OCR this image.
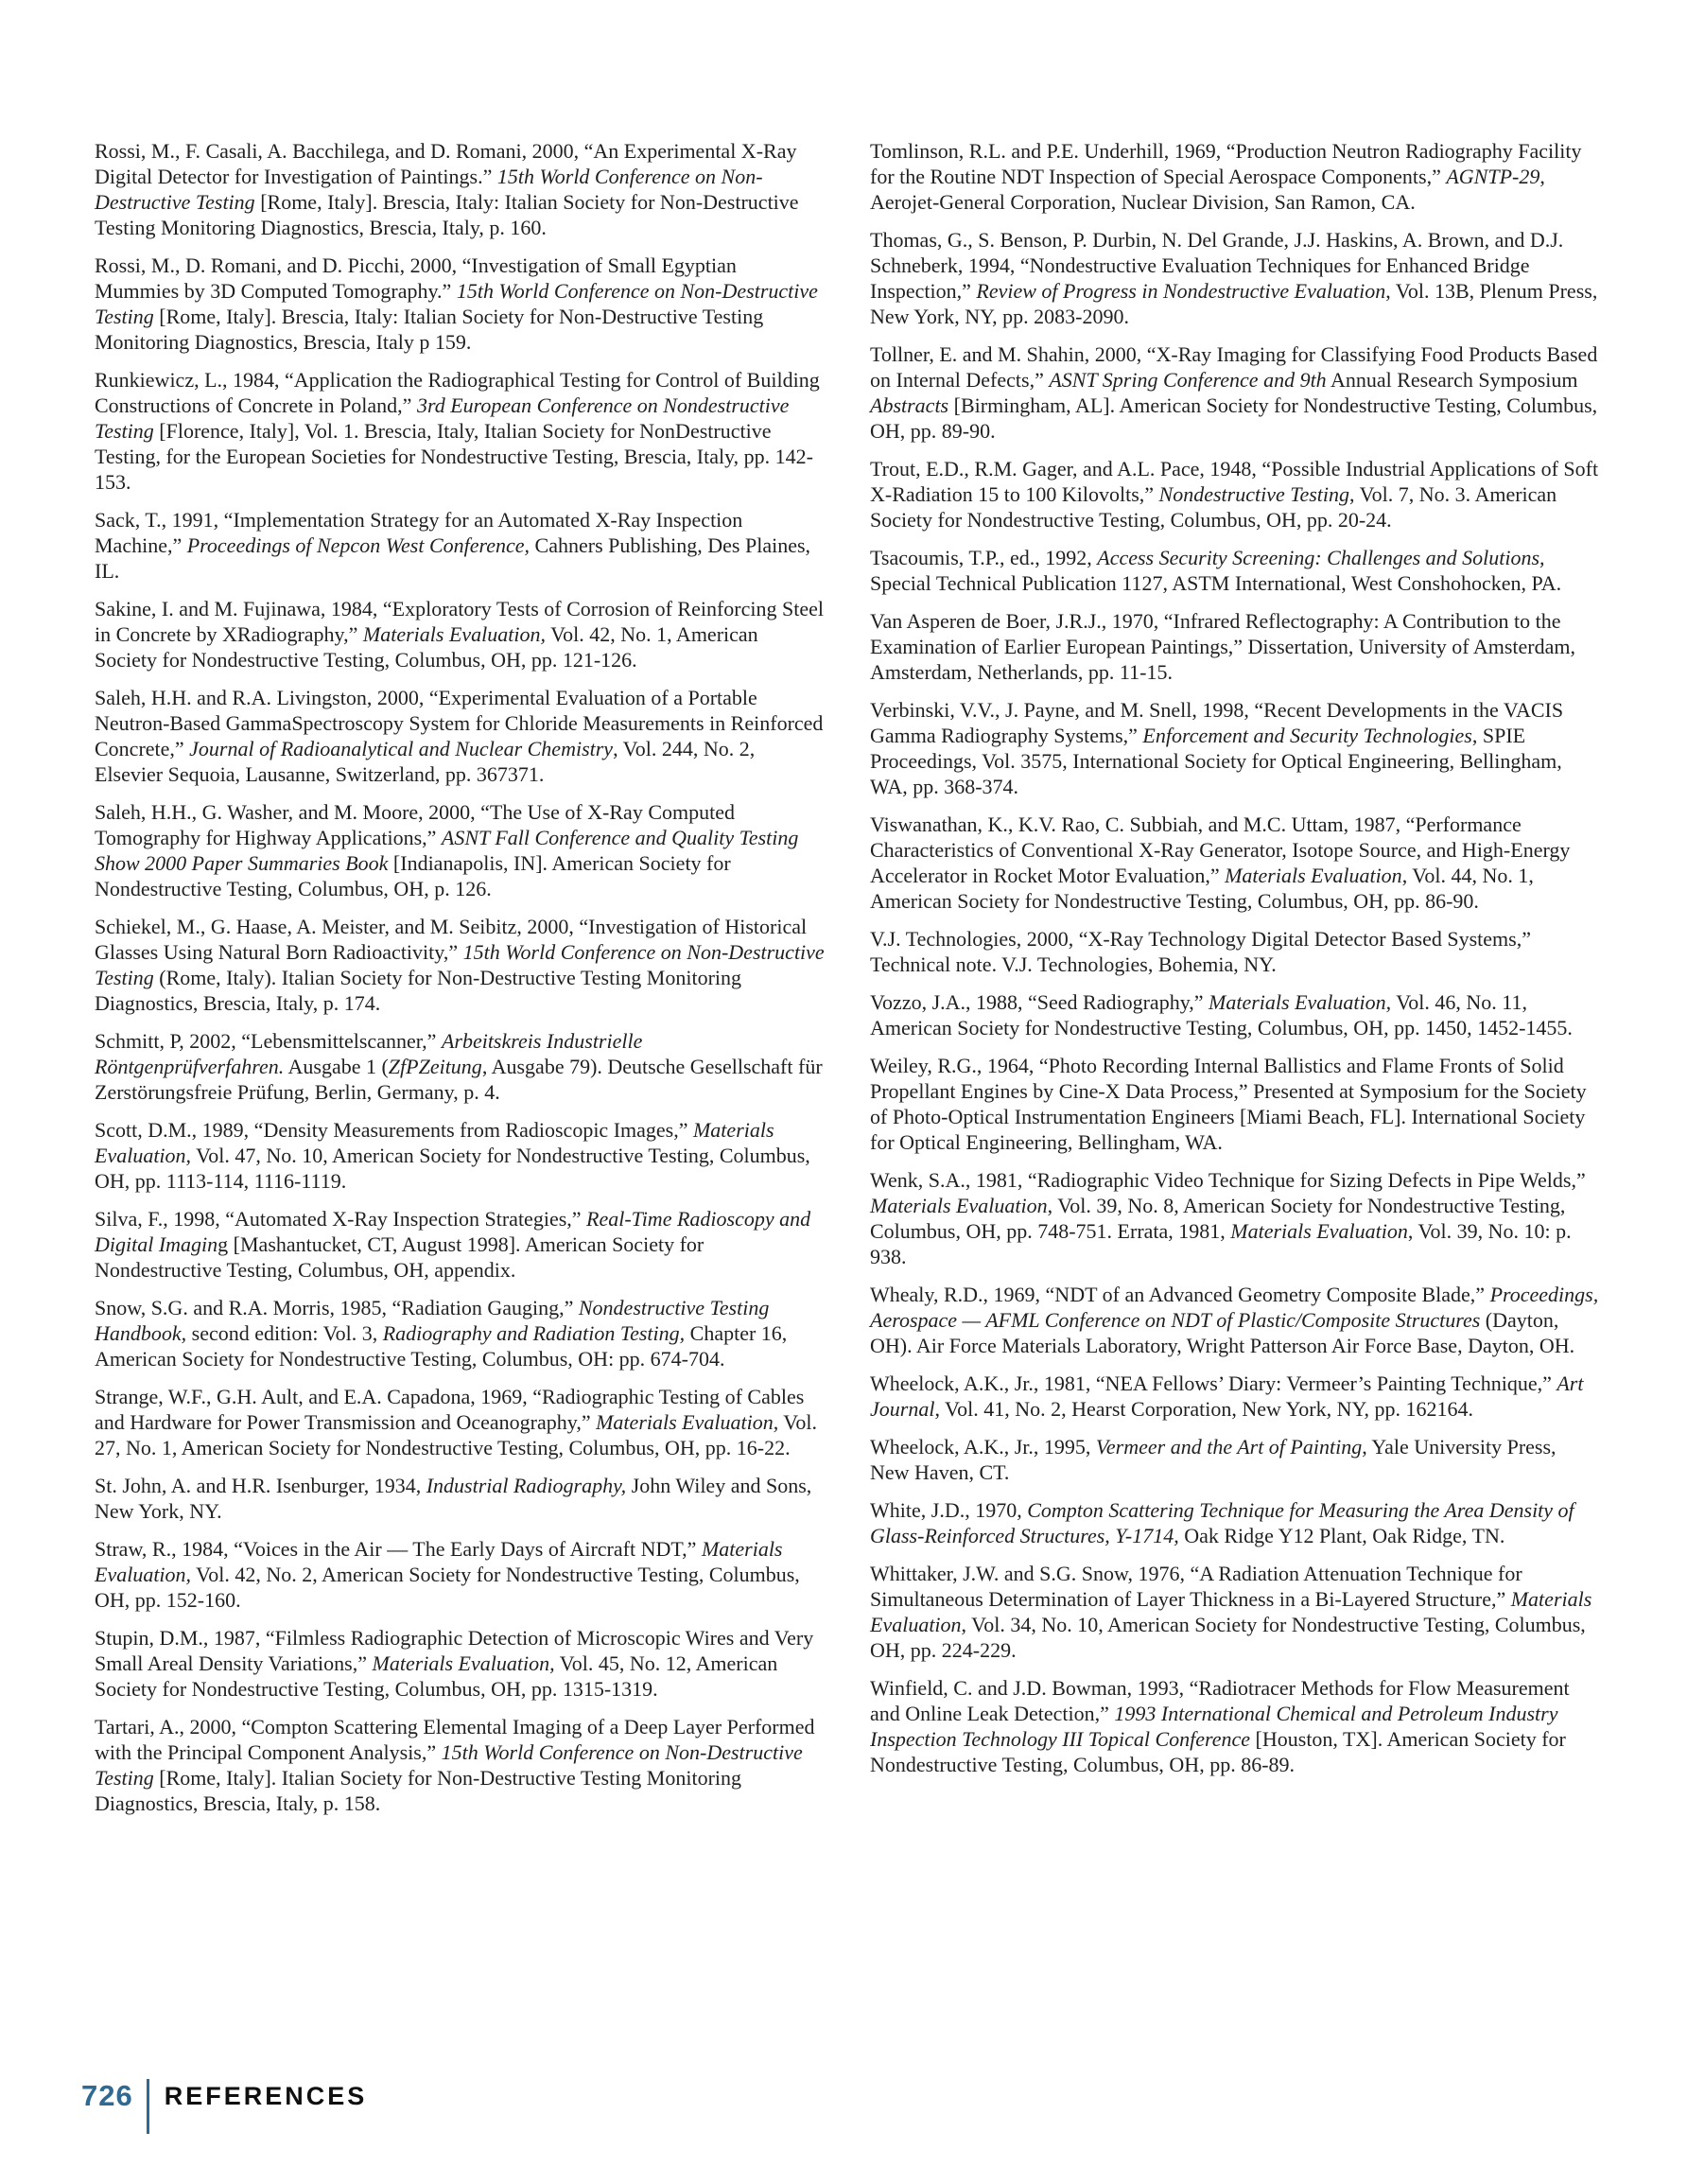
Rossi, M., F. Casali, A. Bacchilega, and D. Romani, 2000, “An Experimental X-Ray Digital Detector for Investigation of Paintings.” 15th World Conference on Non-Destructive Testing [Rome, Italy]. Brescia, Italy: Italian Society for Non-Destructive Testing Monitoring Diagnostics, Brescia, Italy, p. 160.

Rossi, M., D. Romani, and D. Picchi, 2000, “Investigation of Small Egyptian Mummies by 3D Computed Tomography.” 15th World Conference on Non-Destructive Testing [Rome, Italy]. Brescia, Italy: Italian Society for Non-Destructive Testing Monitoring Diagnostics, Brescia, Italy p 159.

Runkiewicz, L., 1984, “Application the Radiographical Testing for Control of Building Constructions of Concrete in Poland,” 3rd European Conference on Nondestructive Testing [Florence, Italy], Vol. 1. Brescia, Italy, Italian Society for NonDestructive Testing, for the European Societies for Nondestructive Testing, Brescia, Italy, pp. 142-153.

Sack, T., 1991, “Implementation Strategy for an Automated X-Ray Inspection Machine,” Proceedings of Nepcon West Conference, Cahners Publishing, Des Plaines, IL.

Sakine, I. and M. Fujinawa, 1984, “Exploratory Tests of Corrosion of Reinforcing Steel in Concrete by XRadiography,” Materials Evaluation, Vol. 42, No. 1, American Society for Nondestructive Testing, Columbus, OH, pp. 121-126.

Saleh, H.H. and R.A. Livingston, 2000, “Experimental Evaluation of a Portable Neutron-Based GammaSpectroscopy System for Chloride Measurements in Reinforced Concrete,” Journal of Radioanalytical and Nuclear Chemistry, Vol. 244, No. 2, Elsevier Sequoia, Lausanne, Switzerland, pp. 367371.

Saleh, H.H., G. Washer, and M. Moore, 2000, “The Use of X-Ray Computed Tomography for Highway Applications,” ASNT Fall Conference and Quality Testing Show 2000 Paper Summaries Book [Indianapolis, IN]. American Society for Nondestructive Testing, Columbus, OH, p. 126.

Schiekel, M., G. Haase, A. Meister, and M. Seibitz, 2000, “Investigation of Historical Glasses Using Natural Born Radioactivity,” 15th World Conference on Non-Destructive Testing (Rome, Italy). Italian Society for Non-Destructive Testing Monitoring Diagnostics, Brescia, Italy, p. 174.

Schmitt, P, 2002, “Lebensmittelscanner,” Arbeitskreis Industrielle Röntgenprüfverfahren. Ausgabe 1 (ZfPZeitung, Ausgabe 79). Deutsche Gesellschaft für Zerstörungsfreie Prüfung, Berlin, Germany, p. 4.

Scott, D.M., 1989, “Density Measurements from Radioscopic Images,” Materials Evaluation, Vol. 47, No. 10, American Society for Nondestructive Testing, Columbus, OH, pp. 1113-114, 1116-1119.

Silva, F., 1998, “Automated X-Ray Inspection Strategies,” Real-Time Radioscopy and Digital Imaging [Mashantucket, CT, August 1998]. American Society for Nondestructive Testing, Columbus, OH, appendix.

Snow, S.G. and R.A. Morris, 1985, “Radiation Gauging,” Nondestructive Testing Handbook, second edition: Vol. 3, Radiography and Radiation Testing, Chapter 16, American Society for Nondestructive Testing, Columbus, OH: pp. 674-704.

Strange, W.F., G.H. Ault, and E.A. Capadona, 1969, “Radiographic Testing of Cables and Hardware for Power Transmission and Oceanography,” Materials Evaluation, Vol. 27, No. 1, American Society for Nondestructive Testing, Columbus, OH, pp. 16-22.

St. John, A. and H.R. Isenburger, 1934, Industrial Radiography, John Wiley and Sons, New York, NY.

Straw, R., 1984, “Voices in the Air — The Early Days of Aircraft NDT,” Materials Evaluation, Vol. 42, No. 2, American Society for Nondestructive Testing, Columbus, OH, pp. 152-160.

Stupin, D.M., 1987, “Filmless Radiographic Detection of Microscopic Wires and Very Small Areal Density Variations,” Materials Evaluation, Vol. 45, No. 12, American Society for Nondestructive Testing, Columbus, OH, pp. 1315-1319.

Tartari, A., 2000, “Compton Scattering Elemental Imaging of a Deep Layer Performed with the Principal Component Analysis,” 15th World Conference on Non-Destructive Testing [Rome, Italy]. Italian Society for Non-Destructive Testing Monitoring Diagnostics, Brescia, Italy, p. 158.

Tomlinson, R.L. and P.E. Underhill, 1969, “Production Neutron Radiography Facility for the Routine NDT Inspection of Special Aerospace Components,” AGNTP-29, Aerojet-General Corporation, Nuclear Division, San Ramon, CA.

Thomas, G., S. Benson, P. Durbin, N. Del Grande, J.J. Haskins, A. Brown, and D.J. Schneberk, 1994, “Nondestructive Evaluation Techniques for Enhanced Bridge Inspection,” Review of Progress in Nondestructive Evaluation, Vol. 13B, Plenum Press, New York, NY, pp. 2083-2090.

Tollner, E. and M. Shahin, 2000, “X-Ray Imaging for Classifying Food Products Based on Internal Defects,” ASNT Spring Conference and 9th Annual Research Symposium Abstracts [Birmingham, AL]. American Society for Nondestructive Testing, Columbus, OH, pp. 89-90.

Trout, E.D., R.M. Gager, and A.L. Pace, 1948, “Possible Industrial Applications of Soft X-Radiation 15 to 100 Kilovolts,” Nondestructive Testing, Vol. 7, No. 3. American Society for Nondestructive Testing, Columbus, OH, pp. 20-24.

Tsacoumis, T.P., ed., 1992, Access Security Screening: Challenges and Solutions, Special Technical Publication 1127, ASTM International, West Conshohocken, PA.

Van Asperen de Boer, J.R.J., 1970, “Infrared Reflectography: A Contribution to the Examination of Earlier European Paintings,” Dissertation, University of Amsterdam, Amsterdam, Netherlands, pp. 11-15.

Verbinski, V.V., J. Payne, and M. Snell, 1998, “Recent Developments in the VACIS Gamma Radiography Systems,” Enforcement and Security Technologies, SPIE Proceedings, Vol. 3575, International Society for Optical Engineering, Bellingham, WA, pp. 368-374.

Viswanathan, K., K.V. Rao, C. Subbiah, and M.C. Uttam, 1987, “Performance Characteristics of Conventional X-Ray Generator, Isotope Source, and High-Energy Accelerator in Rocket Motor Evaluation,” Materials Evaluation, Vol. 44, No. 1, American Society for Nondestructive Testing, Columbus, OH, pp. 86-90.

V.J. Technologies, 2000, “X-Ray Technology Digital Detector Based Systems,” Technical note. V.J. Technologies, Bohemia, NY.

Vozzo, J.A., 1988, “Seed Radiography,” Materials Evaluation, Vol. 46, No. 11, American Society for Nondestructive Testing, Columbus, OH, pp. 1450, 1452-1455.

Weiley, R.G., 1964, “Photo Recording Internal Ballistics and Flame Fronts of Solid Propellant Engines by Cine-X Data Process,” Presented at Symposium for the Society of Photo-Optical Instrumentation Engineers [Miami Beach, FL]. International Society for Optical Engineering, Bellingham, WA.

Wenk, S.A., 1981, “Radiographic Video Technique for Sizing Defects in Pipe Welds,” Materials Evaluation, Vol. 39, No. 8, American Society for Nondestructive Testing, Columbus, OH, pp. 748-751. Errata, 1981, Materials Evaluation, Vol. 39, No. 10: p. 938.

Whealy, R.D., 1969, “NDT of an Advanced Geometry Composite Blade,” Proceedings, Aerospace — AFML Conference on NDT of Plastic/Composite Structures (Dayton, OH). Air Force Materials Laboratory, Wright Patterson Air Force Base, Dayton, OH.

Wheelock, A.K., Jr., 1981, “NEA Fellows’ Diary: Vermeer’s Painting Technique,” Art Journal, Vol. 41, No. 2, Hearst Corporation, New York, NY, pp. 162164.

Wheelock, A.K., Jr., 1995, Vermeer and the Art of Painting, Yale University Press, New Haven, CT.

White, J.D., 1970, Compton Scattering Technique for Measuring the Area Density of Glass-Reinforced Structures, Y-1714, Oak Ridge Y12 Plant, Oak Ridge, TN.

Whittaker, J.W. and S.G. Snow, 1976, “A Radiation Attenuation Technique for Simultaneous Determination of Layer Thickness in a Bi-Layered Structure,” Materials Evaluation, Vol. 34, No. 10, American Society for Nondestructive Testing, Columbus, OH, pp. 224-229.

Winfield, C. and J.D. Bowman, 1993, “Radiotracer Methods for Flow Measurement and Online Leak Detection,” 1993 International Chemical and Petroleum Industry Inspection Technology III Topical Conference [Houston, TX]. American Society for Nondestructive Testing, Columbus, OH, pp. 86-89.

726 REFERENCES
